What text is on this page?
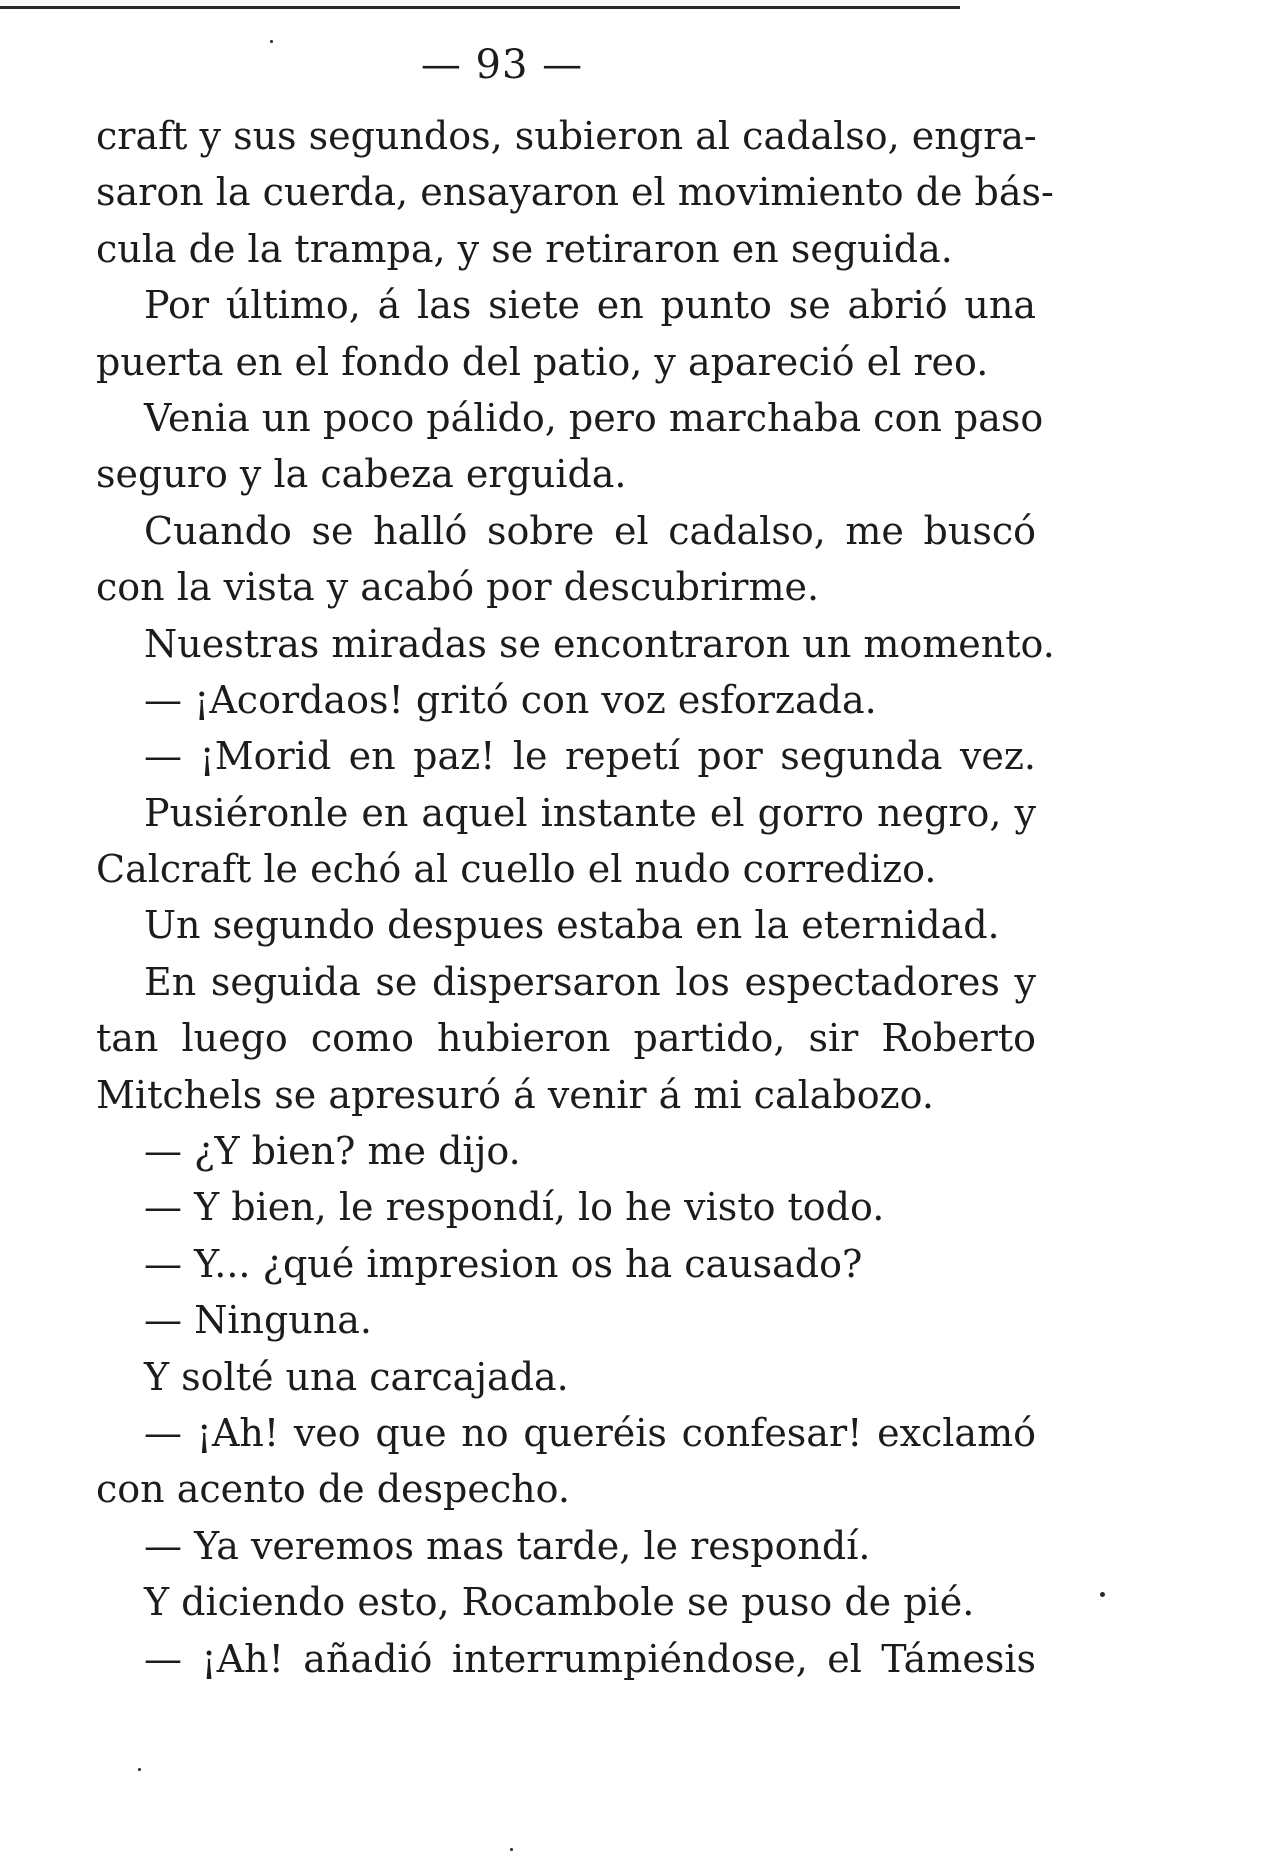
— 93 —
craft y sus segundos, subieron al cadalso, engra-
saron la cuerda, ensayaron el movimiento de bás-
cula de la trampa, y se retiraron en seguida.
Por último, á las siete en punto se abrió una
puerta en el fondo del patio, y apareció el reo.
Venia un poco pálido, pero marchaba con paso
seguro y la cabeza erguida.
Cuando se halló sobre el cadalso, me buscó
con la vista y acabó por descubrirme.
Nuestras miradas se encontraron un momento.
— ¡Acordaos! gritó con voz esforzada.
— ¡Morid en paz! le repetí por segunda vez.
Pusiéronle en aquel instante el gorro negro, y
Calcraft le echó al cuello el nudo corredizo.
Un segundo despues estaba en la eternidad.
En seguida se dispersaron los espectadores y
tan luego como hubieron partido, sir Roberto
Mitchels se apresuró á venir á mi calabozo.
— ¿Y bien? me dijo.
— Y bien, le respondí, lo he visto todo.
— Y... ¿qué impresion os ha causado?
— Ninguna.
Y solté una carcajada.
— ¡Ah! veo que no queréis confesar! exclamó
con acento de despecho.
— Ya veremos mas tarde, le respondí.
Y diciendo esto, Rocambole se puso de pié.
— ¡Ah! añadió interrumpiéndose, el Támesis
